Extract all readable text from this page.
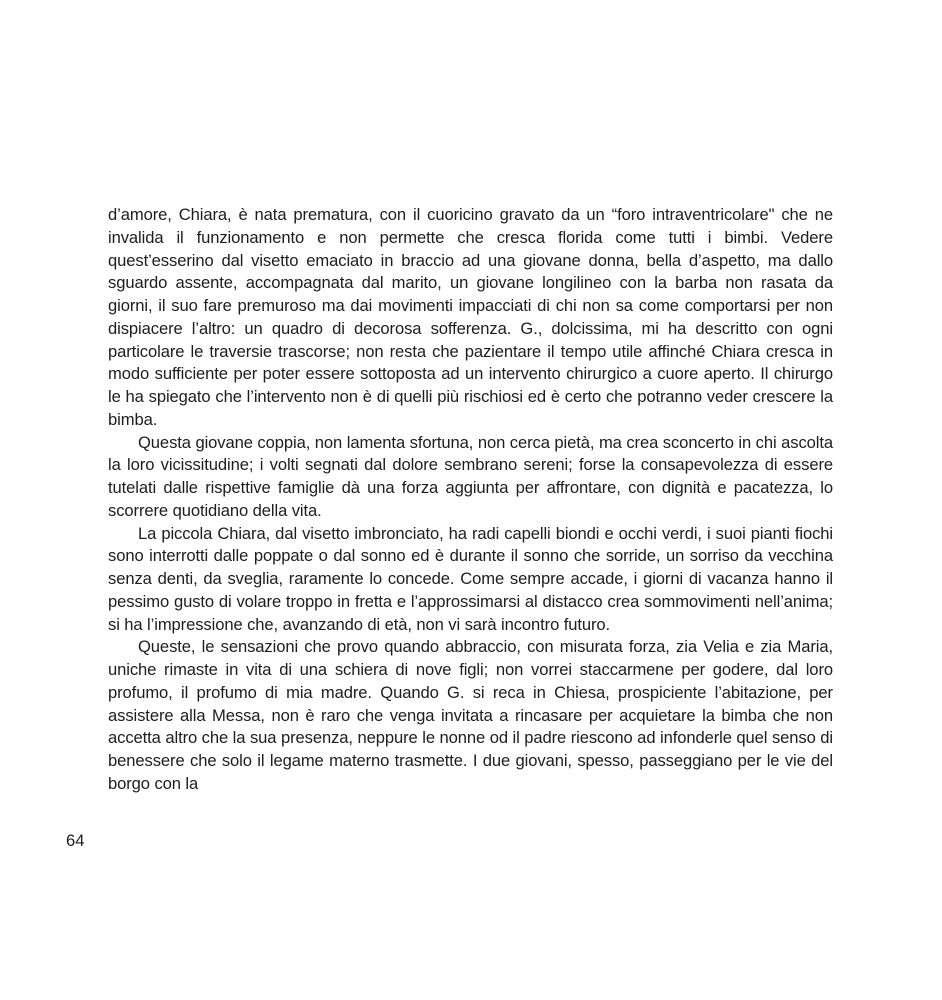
d’amore, Chiara, è nata prematura, con il cuoricino gravato da un “foro intraventricolare" che ne invalida il funzionamento e non permette che cresca florida come tutti i bimbi. Vedere quest’esserino dal visetto emaciato in braccio ad una giovane donna, bella d’aspetto, ma dallo sguardo assente, accompagnata dal marito, un giovane longilineo con la barba non rasata da giorni, il suo fare premuroso ma dai movimenti impacciati di chi non sa come comportarsi per non dispiacere l’altro: un quadro di decorosa sofferenza. G., dolcissima, mi ha descritto con ogni particolare le traversie trascorse; non resta che pazientare il tempo utile affinché Chiara cresca in modo sufficiente per poter essere sottoposta ad un intervento chirurgico a cuore aperto. Il chirurgo le ha spiegato che l’intervento non è di quelli più rischiosi ed è certo che potranno veder crescere la bimba.

Questa giovane coppia, non lamenta sfortuna, non cerca pietà, ma crea sconcerto in chi ascolta la loro vicissitudine; i volti segnati dal dolore sembrano sereni; forse la consapevolezza di essere tutelati dalle rispettive famiglie dà una forza aggiunta per affrontare, con dignità e pacatezza, lo scorrere quotidiano della vita.

La piccola Chiara, dal visetto imbronciato, ha radi capelli biondi e occhi verdi, i suoi pianti fiochi sono interrotti dalle poppate o dal sonno ed è durante il sonno che sorride, un sorriso da vecchina senza denti, da sveglia, raramente lo concede. Come sempre accade, i giorni di vacanza hanno il pessimo gusto di volare troppo in fretta e l’approssimarsi al distacco crea sommovimenti nell’anima; si ha l’impressione che, avanzando di età, non vi sarà incontro futuro.

Queste, le sensazioni che provo quando abbraccio, con misurata forza, zia Velia e zia Maria, uniche rimaste in vita di una schiera di nove figli; non vorrei staccarmene per godere, dal loro profumo, il profumo di mia madre. Quando G. si reca in Chiesa, prospiciente l’abitazione, per assistere alla Messa, non è raro che venga invitata a rincasare per acquietare la bimba che non accetta altro che la sua presenza, neppure le nonne od il padre riescono ad infonderle quel senso di benessere che solo il legame materno trasmette. I due giovani, spesso, passeggiano per le vie del borgo con la

64
